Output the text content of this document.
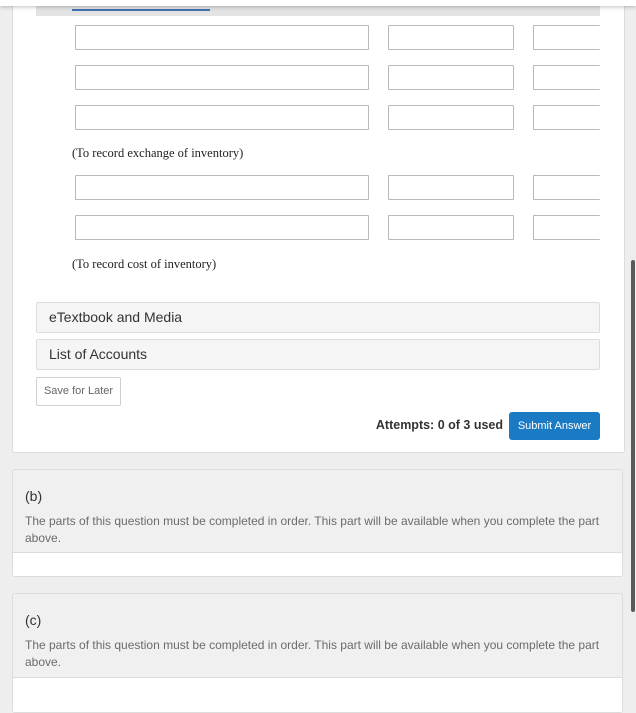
(To record exchange of inventory)
(To record cost of inventory)
eTextbook and Media
List of Accounts
Save for Later
Attempts: 0 of 3 used	Submit Answer
(b)
The parts of this question must be completed in order. This part will be available when you complete the part above.
(c)
The parts of this question must be completed in order. This part will be available when you complete the part above.
